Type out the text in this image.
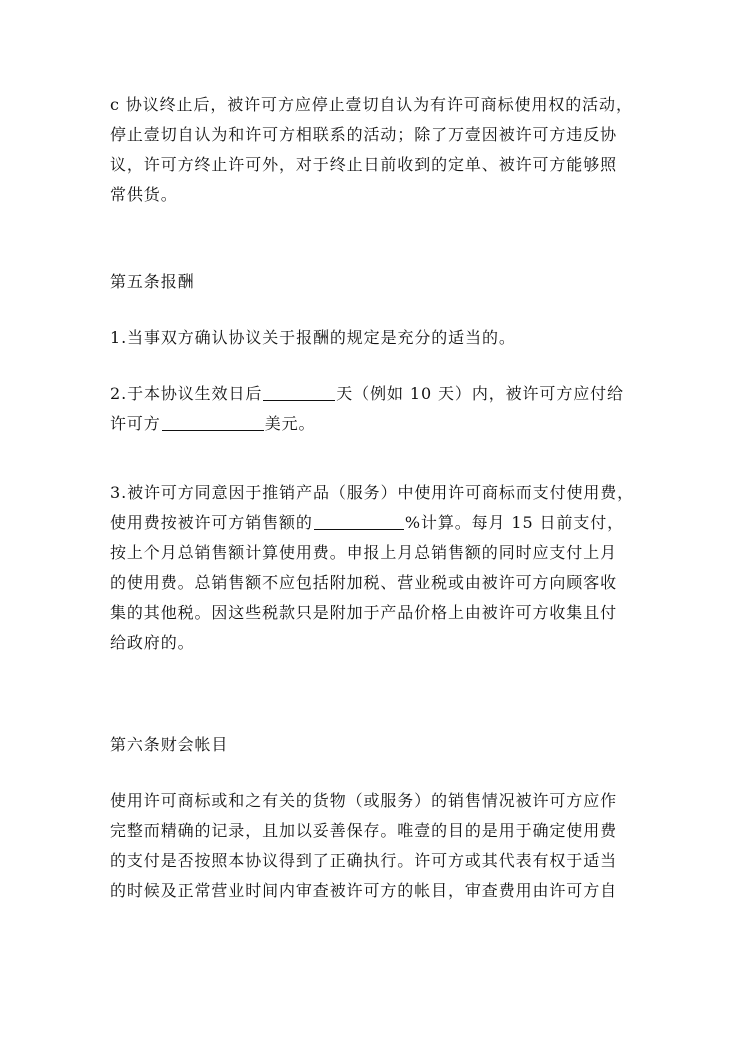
c 协议终止后，被许可方应停止壹切自认为有许可商标使用权的活动，
停止壹切自认为和许可方相联系的活动；除了万壹因被许可方违反协
议，许可方终止许可外，对于终止日前收到的定单、被许可方能够照
常供货。
第五条报酬
1.当事双方确认协议关于报酬的规定是充分的适当的。
2.于本协议生效日后	天（例如 10 天）内，被许可方应付给
许可方	美元。
3.被许可方同意因于推销产品（服务）中使用许可商标而支付使用费，
使用费按被许可方销售额的	%计算。每月 15 日前支付，
按上个月总销售额计算使用费。申报上月总销售额的同时应支付上月
的使用费。总销售额不应包括附加税、营业税或由被许可方向顾客收
集的其他税。因这些税款只是附加于产品价格上由被许可方收集且付
给政府的。
第六条财会帐目
使用许可商标或和之有关的货物（或服务）的销售情况被许可方应作
完整而精确的记录，且加以妥善保存。唯壹的目的是用于确定使用费
的支付是否按照本协议得到了正确执行。许可方或其代表有权于适当
的时候及正常营业时间内审查被许可方的帐目，审查费用由许可方自
